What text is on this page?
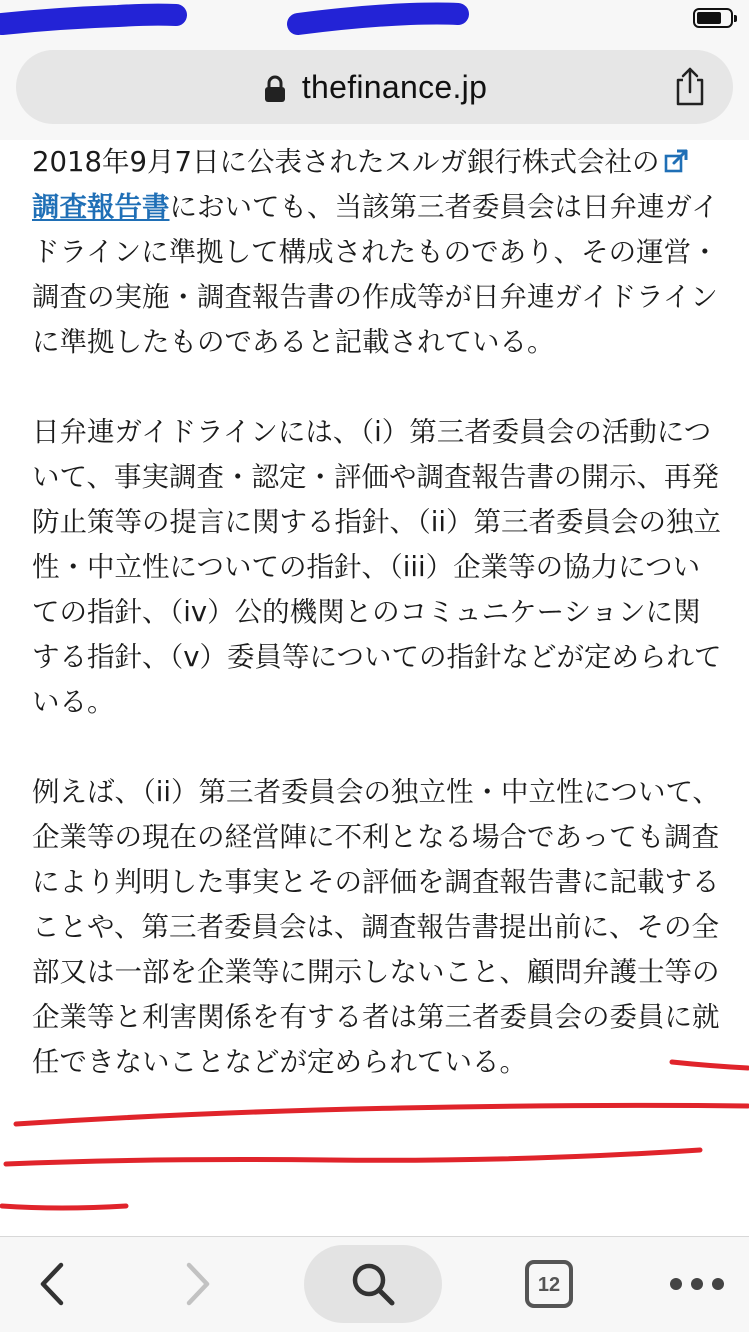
thefinance.jp

2018年9月7日に公表されたスルガ銀行株式会社の調査報告書においても、当該第三者委員会は日弁連ガイドラインに準拠して構成されたものであり、その運営・調査の実施・調査報告書の作成等が日弁連ガイドラインに準拠したものであると記載されている。

日弁連ガイドラインには、（i）第三者委員会の活動について、事実調査・認定・評価や調査報告書の開示、再発防止策等の提言に関する指針、（ii）第三者委員会の独立性・中立性についての指針、（iii）企業等の協力についての指針、（iv）公的機関とのコミュニケーションに関する指針、（v）委員等についての指針などが定められている。

例えば、（ii）第三者委員会の独立性・中立性について、企業等の現在の経営陣に不利となる場合であっても調査により判明した事実とその評価を調査報告書に記載することや、第三者委員会は、調査報告書提出前に、その全部又は一部を企業等に開示しないこと、顧問弁護士等の企業等と利害関係を有する者は第三者委員会の委員に就任できないことなどが定められている。

12
